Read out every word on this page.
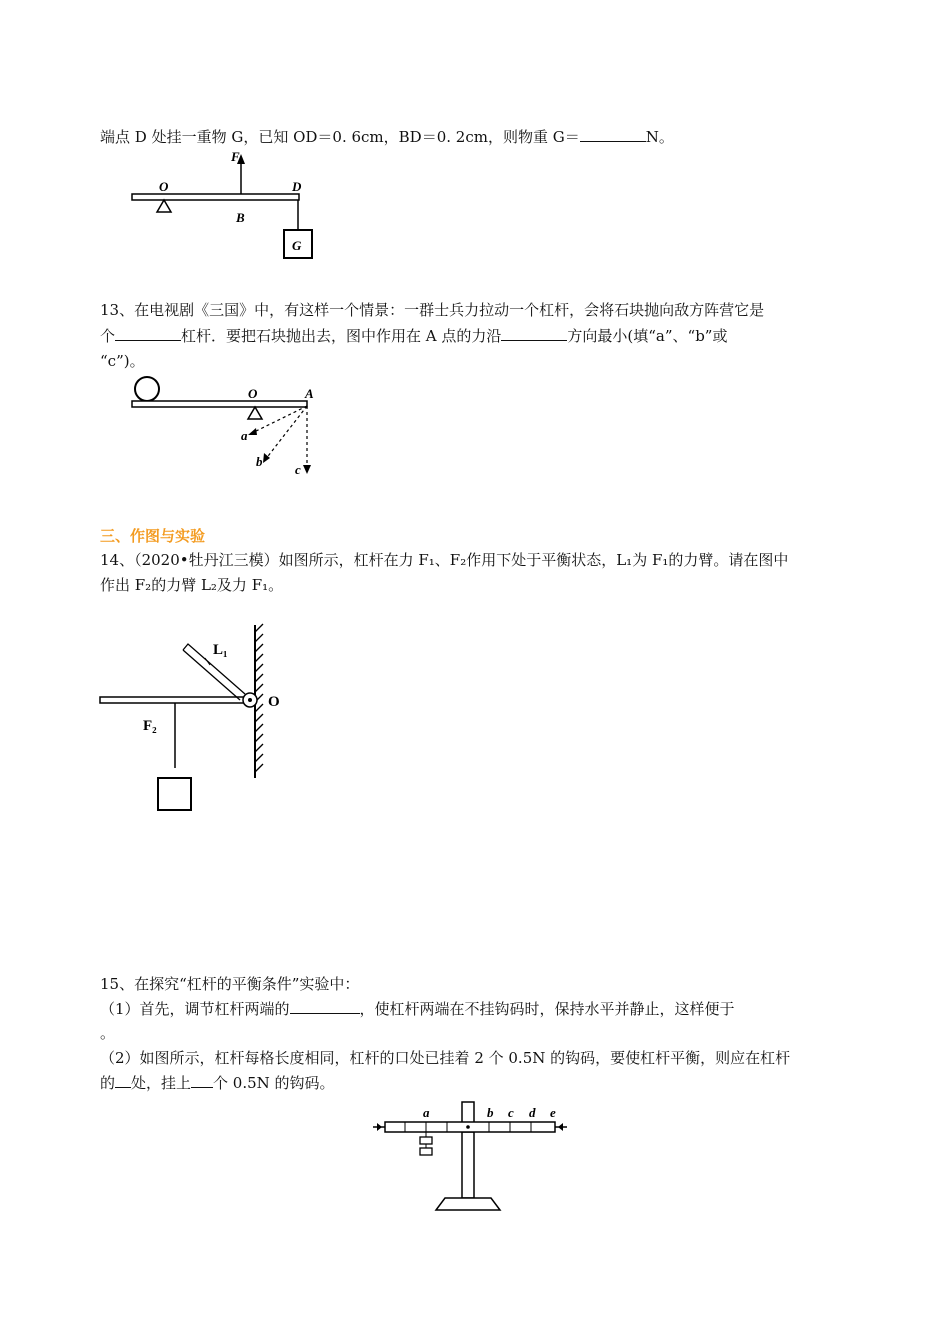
端点 D 处挂一重物 G，已知 OD＝0. 6cm，BD＝0. 2cm，则物重 G＝	N。
F
O	D
B
G
13、在电视剧《三国》中，有这样一个情景：一群士兵力拉动一个杠杆，会将石块抛向敌方阵营它是
个	杠杆．要把石块抛出去，图中作用在 A 点的力沿	方向最小(填“a”、“b”或
“c”)。
O	A
a
b
c
三、作图与实验
14、（2020•牡丹江三模）如图所示，杠杆在力 F₁、F₂作用下处于平衡状态，L₁为 F₁的力臂。请在图中
作出 F₂的力臂 L₂及力 F₁。
L₁
O
F₂
15、在探究“杠杆的平衡条件”实验中：
（1）首先，调节杠杆两端的	，使杠杆两端在不挂钩码时，保持水平并静止，这样便于
。
（2）如图所示，杠杆每格长度相同，杠杆的口处已挂着 2 个 0.5N 的钩码，要使杠杆平衡，则应在杠杆
的 处，挂上 个 0.5N 的钩码。
a	b c d e
